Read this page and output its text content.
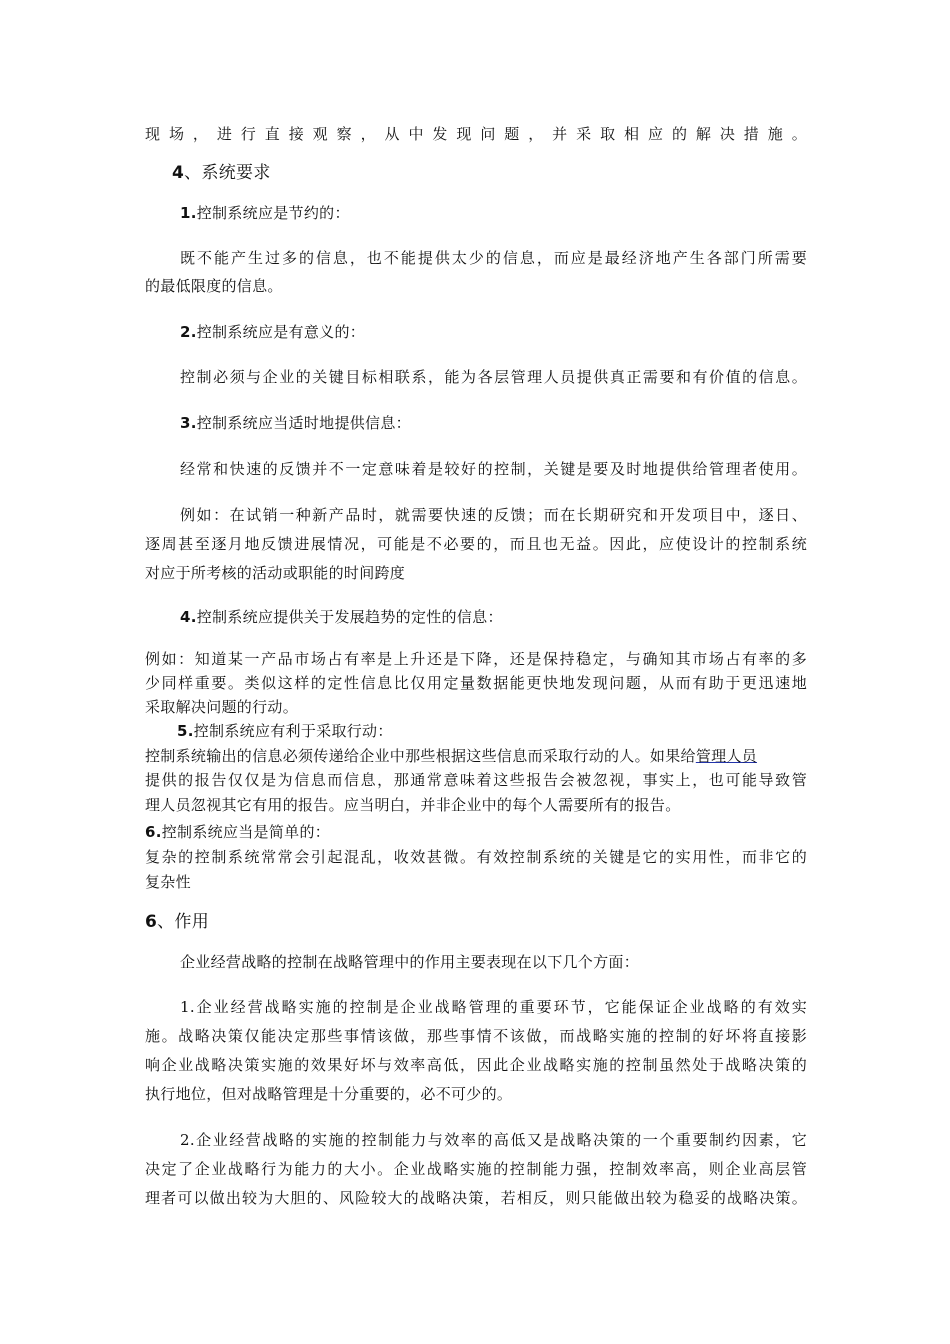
现场，进行直接观察，从中发现问题，并采取相应的解决措施。
4、系统要求
1.控制系统应是节约的：
既不能产生过多的信息，也不能提供太少的信息，而应是最经济地产生各部门所需要
的最低限度的信息。
2.控制系统应是有意义的：
控制必须与企业的关键目标相联系，能为各层管理人员提供真正需要和有价值的信息。
3.控制系统应当适时地提供信息：
经常和快速的反馈并不一定意味着是较好的控制，关键是要及时地提供给管理者使用。
例如：在试销一种新产品时，就需要快速的反馈；而在长期研究和开发项目中，逐日、
逐周甚至逐月地反馈进展情况，可能是不必要的，而且也无益。因此，应使设计的控制系统
对应于所考核的活动或职能的时间跨度
4.控制系统应提供关于发展趋势的定性的信息：
例如：知道某一产品市场占有率是上升还是下降，还是保持稳定，与确知其市场占有率的多
少同样重要。类似这样的定性信息比仅用定量数据能更快地发现问题，从而有助于更迅速地
采取解决问题的行动。
5.控制系统应有利于采取行动：
控制系统输出的信息必须传递给企业中那些根据这些信息而采取行动的人。如果给管理人员
提供的报告仅仅是为信息而信息，那通常意味着这些报告会被忽视，事实上，也可能导致管
理人员忽视其它有用的报告。应当明白，并非企业中的每个人需要所有的报告。
6.控制系统应当是简单的：
复杂的控制系统常常会引起混乱，收效甚微。有效控制系统的关键是它的实用性，而非它的
复杂性
6、作用
企业经营战略的控制在战略管理中的作用主要表现在以下几个方面：
1.企业经营战略实施的控制是企业战略管理的重要环节，它能保证企业战略的有效实
施。战略决策仅能决定那些事情该做，那些事情不该做，而战略实施的控制的好坏将直接影
响企业战略决策实施的效果好坏与效率高低，因此企业战略实施的控制虽然处于战略决策的
执行地位，但对战略管理是十分重要的，必不可少的。
2.企业经营战略的实施的控制能力与效率的高低又是战略决策的一个重要制约因素，它
决定了企业战略行为能力的大小。企业战略实施的控制能力强，控制效率高，则企业高层管
理者可以做出较为大胆的、风险较大的战略决策，若相反，则只能做出较为稳妥的战略决策。
